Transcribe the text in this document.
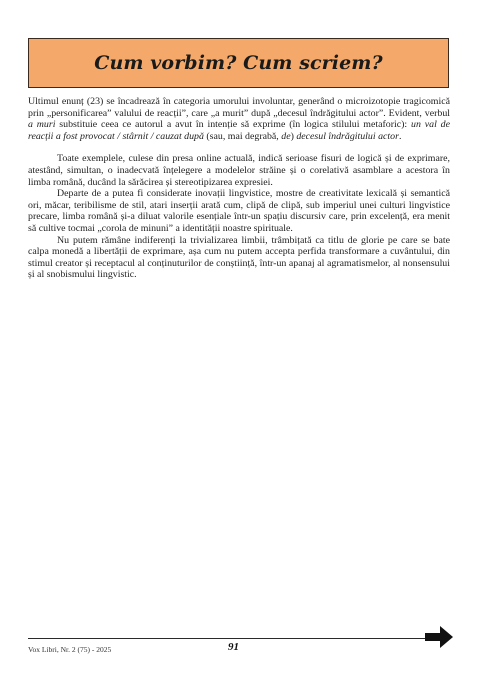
Cum vorbim? Cum scriem?

Ultimul enunț (23) se încadrează în categoria umorului involuntar, generând o microizotopie tragicomică prin „personificarea” valului de reacții”, care „a murit” după „decesul îndrăgitului actor”. Evident, verbul a muri substituie ceea ce autorul a avut în intenție să exprime (în logica stilului metaforic): un val de reacții a fost provocat / stârnit / cauzat după (sau, mai degrabă, de) decesul îndrăgitului actor.

Toate exemplele, culese din presa online actuală, indică serioase fisuri de logică și de exprimare, atestând, simultan, o inadecvată înțelegere a modelelor străine și o corelativă asamblare a acestora în limba română, ducând la sărăcirea și stereotipizarea expresiei.

Departe de a putea fi considerate inovații lingvistice, mostre de creativitate lexicală și semantică ori, măcar, teribilisme de stil, atari inserții arată cum, clipă de clipă, sub imperiul unei culturi lingvistice precare, limba română și-a diluat valorile esențiale într-un spațiu discursiv care, prin excelență, era menit să cultive tocmai „corola de minuni” a identității noastre spirituale.

Nu putem rămâne indiferenți la trivializarea limbii, trâmbițată ca titlu de glorie pe care se bate calpa monedă a libertății de exprimare, așa cum nu putem accepta perfida transformare a cuvântului, din stimul creator și receptacul al conținuturilor de conștiință, într-un apanaj al agramatismelor, al nonsensului și al snobismului lingvistic.

Vox Libri, Nr. 2 (75) - 2025	91
